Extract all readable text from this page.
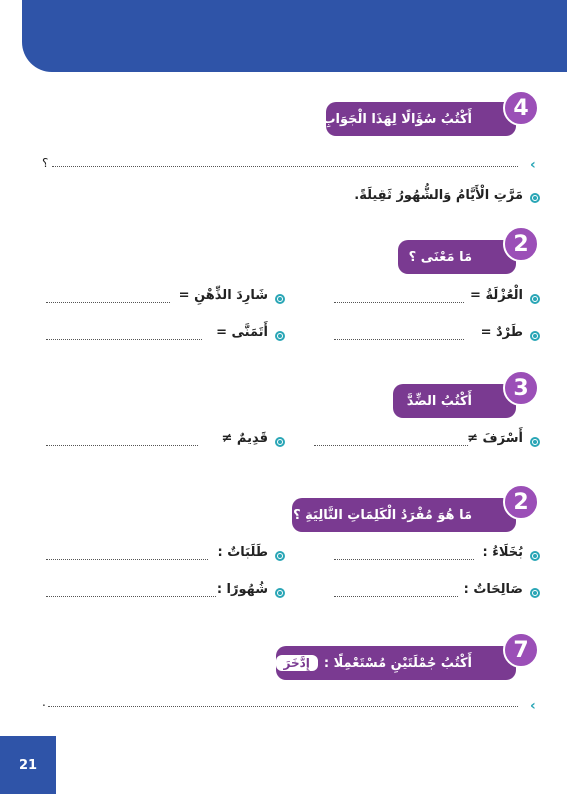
أَكْتُبُ سُؤَالًا لِهَذَا الْجَوَابِ	4
‹
؟
مَرَّتِ الْأَيَّامُ وَالشُّهُورُ ثَقِيلَةً.
مَا مَعْنَى ؟
2
الْعُزْلَةُ =
شَارِدَ الذِّهْنِ =
طَرْدٌ =
أَتَمَنَّى =
أَكْتُبُ الضِّدَّ
3
أَسْرَفَ ≠
قَدِيمٌ ≠
مَا هُوَ مُفْرَدُ الْكَلِمَاتِ التَّالِيَةِ ؟
2
بُخَلَاءُ :
طَلَبَاتٌ :
صَالِحَاتٌ :
شُهُورًا :
أَكْتُبُ جُمْلَتَيْنِ مُسْتَعْمِلًا :
إِدَّخَرَ
7
‹
.
21
